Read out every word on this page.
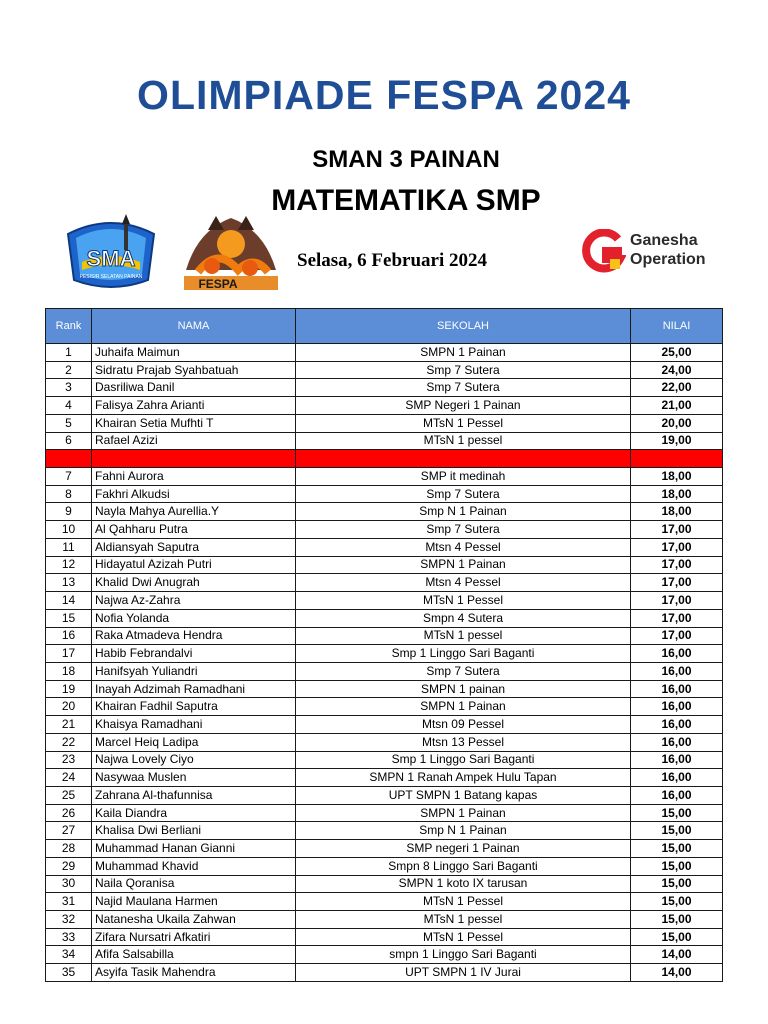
OLIMPIADE FESPA 2024
SMAN 3 PAINAN
MATEMATIKA SMP
Selasa, 6 Februari 2024
SMA
PESISIR SELATAN PAINAN	FESPA
Ganesha
Operation
Rank	NAMA	SEKOLAH	NILAI
1	Juhaifa Maimun	SMPN 1 Painan	25,00
2	Sidratu Prajab Syahbatuah	Smp 7 Sutera	24,00
3	Dasriliwa Danil	Smp 7 Sutera	22,00
4	Falisya Zahra Arianti	SMP Negeri 1 Painan	21,00
5	Khairan Setia Mufhti T	MTsN 1 Pessel	20,00
6	Rafael Azizi	MTsN 1 pessel	19,00

7	Fahni Aurora	SMP it medinah	18,00
8	Fakhri Alkudsi	Smp 7 Sutera	18,00
9	Nayla Mahya Aurellia.Y	Smp N 1 Painan	18,00
10	Al Qahharu Putra	Smp 7 Sutera	17,00
11	Aldiansyah Saputra	Mtsn 4 Pessel	17,00
12	Hidayatul Azizah Putri	SMPN 1 Painan	17,00
13	Khalid Dwi Anugrah	Mtsn 4 Pessel	17,00
14	Najwa Az-Zahra	MTsN 1 Pessel	17,00
15	Nofia Yolanda	Smpn 4 Sutera	17,00
16	Raka Atmadeva Hendra	MTsN 1 pessel	17,00
17	Habib Febrandalvi	Smp 1 Linggo Sari Baganti	16,00
18	Hanifsyah Yuliandri	Smp 7 Sutera	16,00
19	Inayah Adzimah Ramadhani	SMPN 1 painan	16,00
20	Khairan Fadhil Saputra	SMPN 1 Painan	16,00
21	Khaisya Ramadhani	Mtsn 09 Pessel	16,00
22	Marcel Heiq Ladipa	Mtsn 13 Pessel	16,00
23	Najwa Lovely Ciyo	Smp 1 Linggo Sari Baganti	16,00
24	Nasywaa Muslen	SMPN 1 Ranah Ampek Hulu Tapan	16,00
25	Zahrana Al-thafunnisa	UPT SMPN 1 Batang kapas	16,00
26	Kaila Diandra	SMPN 1 Painan	15,00
27	Khalisa Dwi Berliani	Smp N 1 Painan	15,00
28	Muhammad Hanan Gianni	SMP negeri 1 Painan	15,00
29	Muhammad Khavid	Smpn 8 Linggo Sari Baganti	15,00
30	Naila Qoranisa	SMPN 1 koto IX tarusan	15,00
31	Najid Maulana Harmen	MTsN 1 Pessel	15,00
32	Natanesha Ukaila Zahwan	MTsN 1 pessel	15,00
33	Zifara Nursatri Afkatiri	MTsN 1 Pessel	15,00
34	Afifa Salsabilla	smpn 1 Linggo Sari Baganti	14,00
35	Asyifa Tasik Mahendra	UPT SMPN 1 IV Jurai	14,00
